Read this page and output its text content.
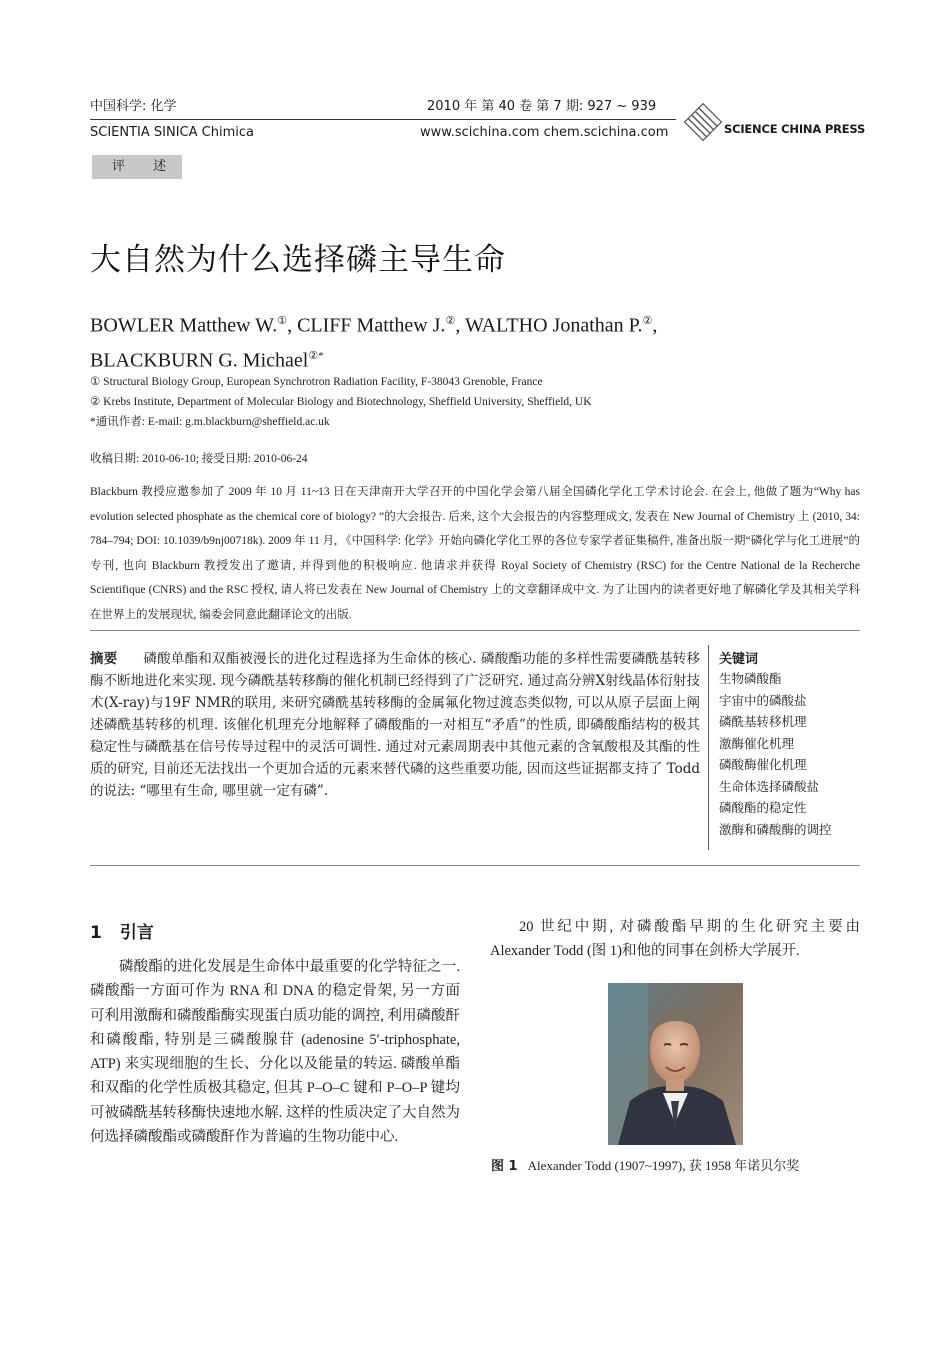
中国科学: 化学	2010 年 第 40 卷 第 7 期: 927 ~ 939
SCIENTIA SINICA Chimica	www.scichina.com chem.scichina.com	SCIENCE CHINA PRESS
评 述
大自然为什么选择磷主导生命
BOWLER Matthew W.①, CLIFF Matthew J.②, WALTHO Jonathan P.②,
BLACKBURN G. Michael②*
① Structural Biology Group, European Synchrotron Radiation Facility, F-38043 Grenoble, France
② Krebs Institute, Department of Molecular Biology and Biotechnology, Sheffield University, Sheffield, UK
*通讯作者: E-mail: g.m.blackburn@sheffield.ac.uk
收稿日期: 2010-06-10; 接受日期: 2010-06-24
Blackburn 教授应邀参加了 2009 年 10 月 11~13 日在天津南开大学召开的中国化学会第八届全国磷化学化工学术讨论会. 在会上, 他做了题为“Why has evolution selected phosphate as the chemical core of biology? ”的大会报告. 后来, 这个大会报告的内容整理成文, 发表在 New Journal of Chemistry 上 (2010, 34: 784–794; DOI: 10.1039/b9nj00718k). 2009 年 11 月, 《中国科学: 化学》开始向磷化学化工界的各位专家学者征集稿件, 准备出版一期“磷化学与化工进展”的专刊, 也向 Blackburn 教授发出了邀请, 并得到他的积极响应. 他请求并获得 Royal Society of Chemistry (RSC) for the Centre National de la Recherche Scientifique (CNRS) and the RSC 授权, 请人将已发表在 New Journal of Chemistry 上的文章翻译成中文. 为了让国内的读者更好地了解磷化学及其相关学科在世界上的发展现状, 编委会同意此翻译论文的出版.
摘要 磷酸单酯和双酯被漫长的进化过程选择为生命体的核心. 磷酸酯功能的多样性需要磷酰基转移酶不断地进化来实现. 现今磷酰基转移酶的催化机制已经得到了广泛研究. 通过高分辨X射线晶体衍射技术(X-ray)与19F NMR的联用, 来研究磷酰基转移酶的金属氟化物过渡态类似物, 可以从原子层面上阐述磷酰基转移的机理. 该催化机理充分地解释了磷酸酯的一对相互“矛盾”的性质, 即磷酸酯结构的极其稳定性与磷酰基在信号传导过程中的灵活可调性. 通过对元素周期表中其他元素的含氧酸根及其酯的性质的研究, 目前还无法找出一个更加合适的元素来替代磷的这些重要功能, 因而这些证据都支持了 Todd 的说法: “哪里有生命, 哪里就一定有磷”.
关键词
生物磷酸酯
宇宙中的磷酸盐
磷酰基转移机理
激酶催化机理
磷酸酶催化机理
生命体选择磷酸盐
磷酸酯的稳定性
激酶和磷酸酶的调控
1 引言
磷酸酯的进化发展是生命体中最重要的化学特征之一. 磷酸酯一方面可作为 RNA 和 DNA 的稳定骨架, 另一方面可利用激酶和磷酸酯酶实现蛋白质功能的调控, 利用磷酸酐和磷酸酯, 特别是三磷酸腺苷 (adenosine 5′-triphosphate, ATP) 来实现细胞的生长、分化以及能量的转运. 磷酸单酯和双酯的化学性质极其稳定, 但其 P–O–C 键和 P–O–P 键均可被磷酰基转移酶快速地水解. 这样的性质决定了大自然为何选择磷酸酯或磷酸酐作为普遍的生物功能中心.
20 世纪中期, 对磷酸酯早期的生化研究主要由 Alexander Todd (图 1)和他的同事在剑桥大学展开.
图 1 Alexander Todd (1907~1997), 获 1958 年诺贝尔奖
